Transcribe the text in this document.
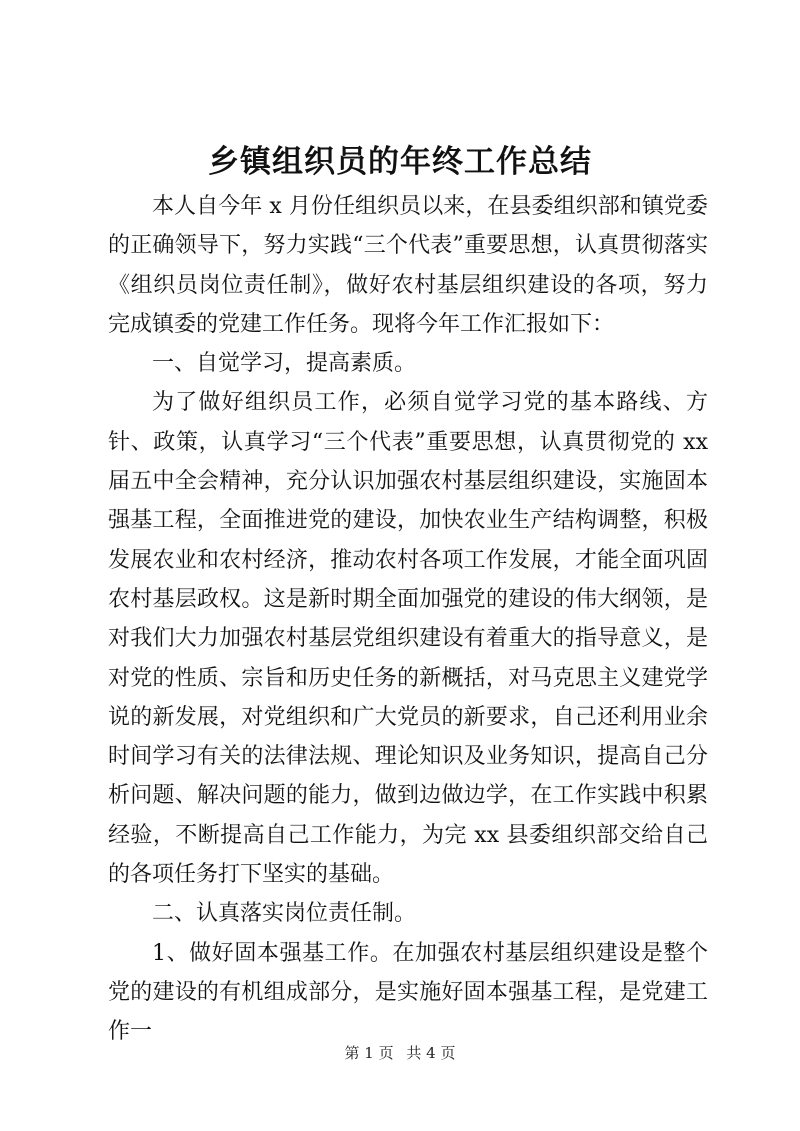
乡镇组织员的年终工作总结

本人自今年 x 月份任组织员以来，在县委组织部和镇党委的正确领导下，努力实践“三个代表”重要思想，认真贯彻落实《组织员岗位责任制》，做好农村基层组织建设的各项，努力完成镇委的党建工作任务。现将今年工作汇报如下：

一、自觉学习，提高素质。

为了做好组织员工作，必须自觉学习党的基本路线、方针、政策，认真学习“三个代表”重要思想，认真贯彻党的 xx 届五中全会精神，充分认识加强农村基层组织建设，实施固本强基工程，全面推进党的建设，加快农业生产结构调整，积极发展农业和农村经济，推动农村各项工作发展，才能全面巩固农村基层政权。这是新时期全面加强党的建设的伟大纲领，是对我们大力加强农村基层党组织建设有着重大的指导意义，是对党的性质、宗旨和历史任务的新概括，对马克思主义建党学说的新发展，对党组织和广大党员的新要求，自己还利用业余时间学习有关的法律法规、理论知识及业务知识，提高自己分析问题、解决问题的能力，做到边做边学，在工作实践中积累经验，不断提高自己工作能力，为完 xx 县委组织部交给自己的各项任务打下坚实的基础。

二、认真落实岗位责任制。

1、做好固本强基工作。在加强农村基层组织建设是整个党的建设的有机组成部分，是实施好固本强基工程，是党建工作一

第 1 页 共 4 页
